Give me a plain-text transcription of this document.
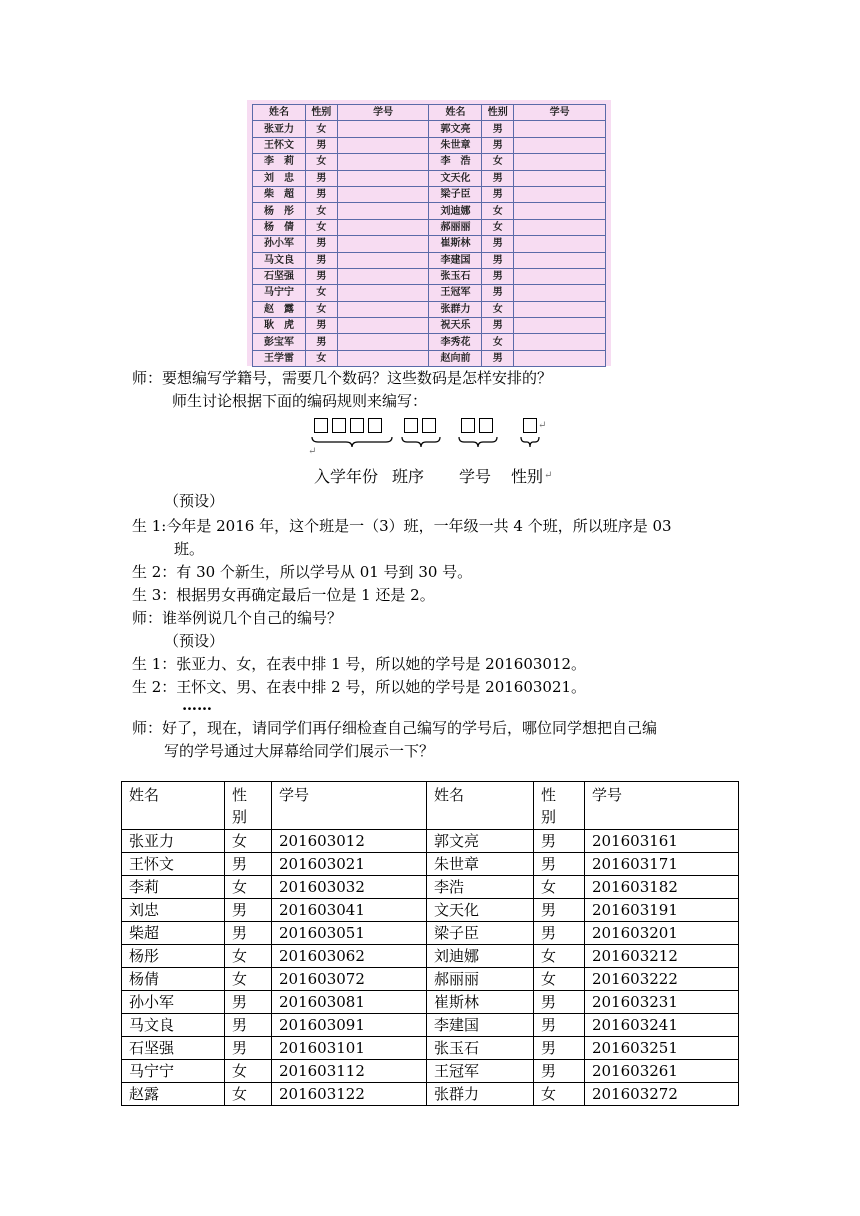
姓名	性别	学号	姓名	性别	学号
张亚力	女		郭文亮	男	
王怀文	男		朱世章	男	
李　莉	女		李　浩	女	
刘　忠	男		文天化	男	
柴　超	男		梁子臣	男	
杨　彤	女		刘迪娜	女	
杨　倩	女		郝丽丽	女	
孙小军	男		崔斯林	男	
马文良	男		李建国	男	
石坚强	男		张玉石	男	
马宁宁	女		王冠军	男	
赵　露	女		张群力	女	
耿　虎	男		祝天乐	男	
彭宝军	男		李秀花	女	
王学雷	女		赵向前	男	
师：要想编写学籍号，需要几个数码？这些数码是怎样安排的？
师生讨论根据下面的编码规则来编写：
↵
↵
入学年份 班序 学号 性别 ↵
（预设）
生 1:今年是 2016 年，这个班是一（3）班，一年级一共 4 个班，所以班序是 03
班。
生 2：有 30 个新生，所以学号从 01 号到 30 号。
生 3：根据男女再确定最后一位是 1 还是 2。
师：谁举例说几个自己的编号？
（预设）
生 1：张亚力、女，在表中排 1 号，所以她的学号是 201603012。
生 2：王怀文、男、在表中排 2 号，所以她的学号是 201603021。
……
师：好了，现在，请同学们再仔细检查自己编写的学号后，哪位同学想把自己编
写的学号通过大屏幕给同学们展示一下？
姓名	性
别	学号	姓名	性
别	学号
张亚力	女	201603012	郭文亮	男	201603161
王怀文	男	201603021	朱世章	男	201603171
李莉	女	201603032	李浩	女	201603182
刘忠	男	201603041	文天化	男	201603191
柴超	男	201603051	梁子臣	男	201603201
杨彤	女	201603062	刘迪娜	女	201603212
杨倩	女	201603072	郝丽丽	女	201603222
孙小军	男	201603081	崔斯林	男	201603231
马文良	男	201603091	李建国	男	201603241
石坚强	男	201603101	张玉石	男	201603251
马宁宁	女	201603112	王冠军	男	201603261
赵露	女	201603122	张群力	女	201603272
